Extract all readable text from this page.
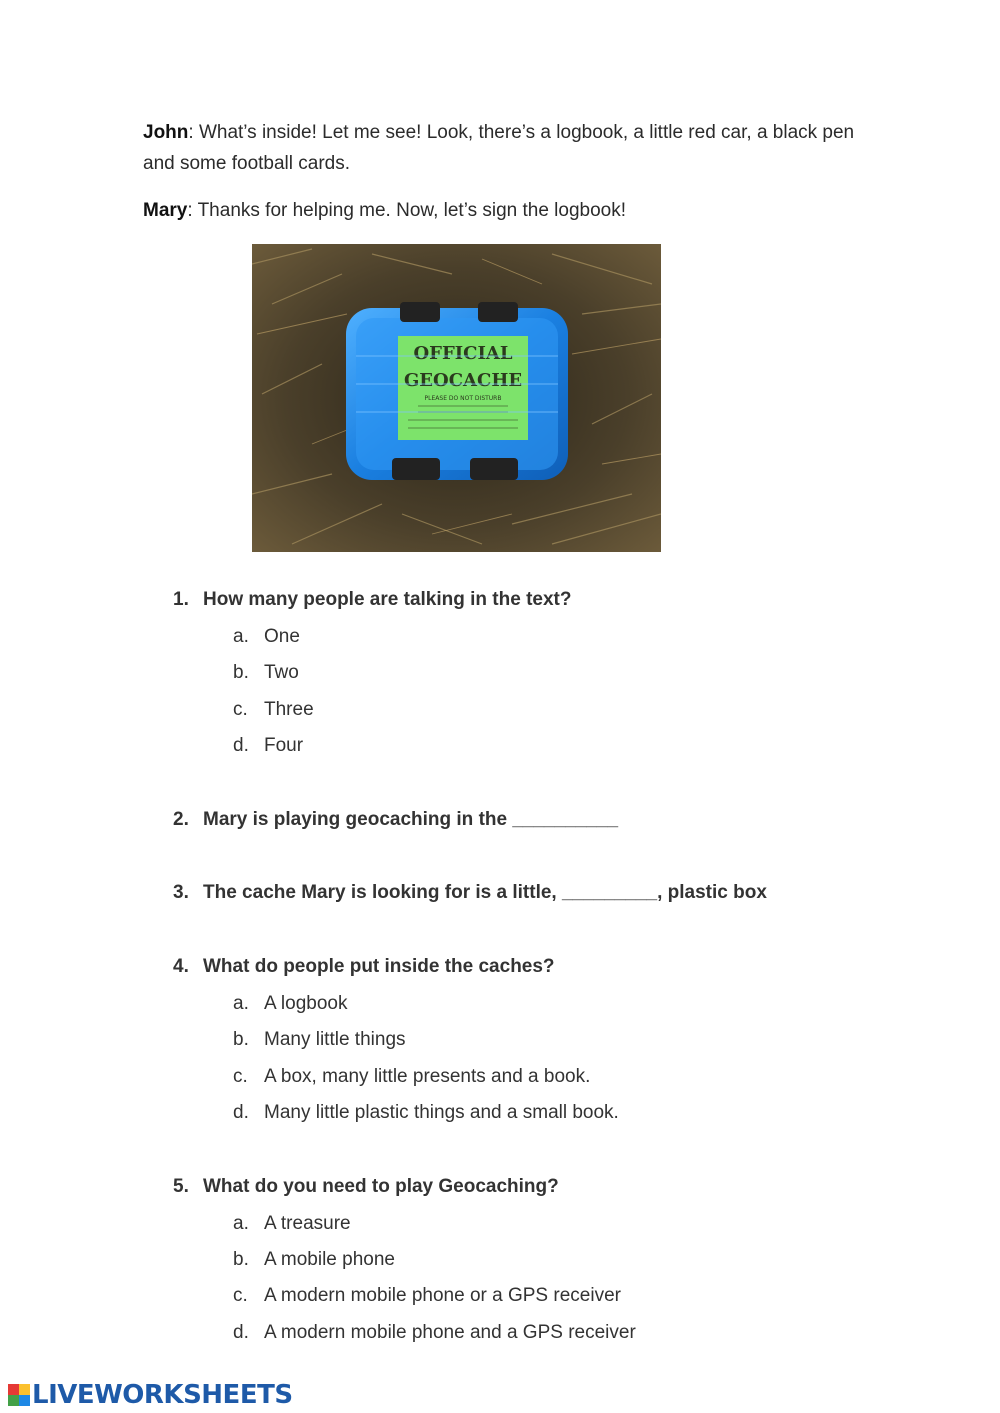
John: What’s inside! Let me see! Look, there’s a logbook, a little red car, a black pen and some football cards.
Mary: Thanks for helping me. Now, let’s sign the logbook!
OFFICIAL
GEOCACHE
PLEASE DO NOT DISTURB
1. How many people are talking in the text?
a. One
b. Two
c. Three
d. Four
2. Mary is playing geocaching in the __________
3. The cache Mary is looking for is a little, _________, plastic box
4. What do people put inside the caches?
a. A logbook
b. Many little things
c. A box, many little presents and a book.
d. Many little plastic things and a small book.
5. What do you need to play Geocaching?
a. A treasure
b. A mobile phone
c. A modern mobile phone or a GPS receiver
d. A modern mobile phone and a GPS receiver
LIVEWORKSHEETS
